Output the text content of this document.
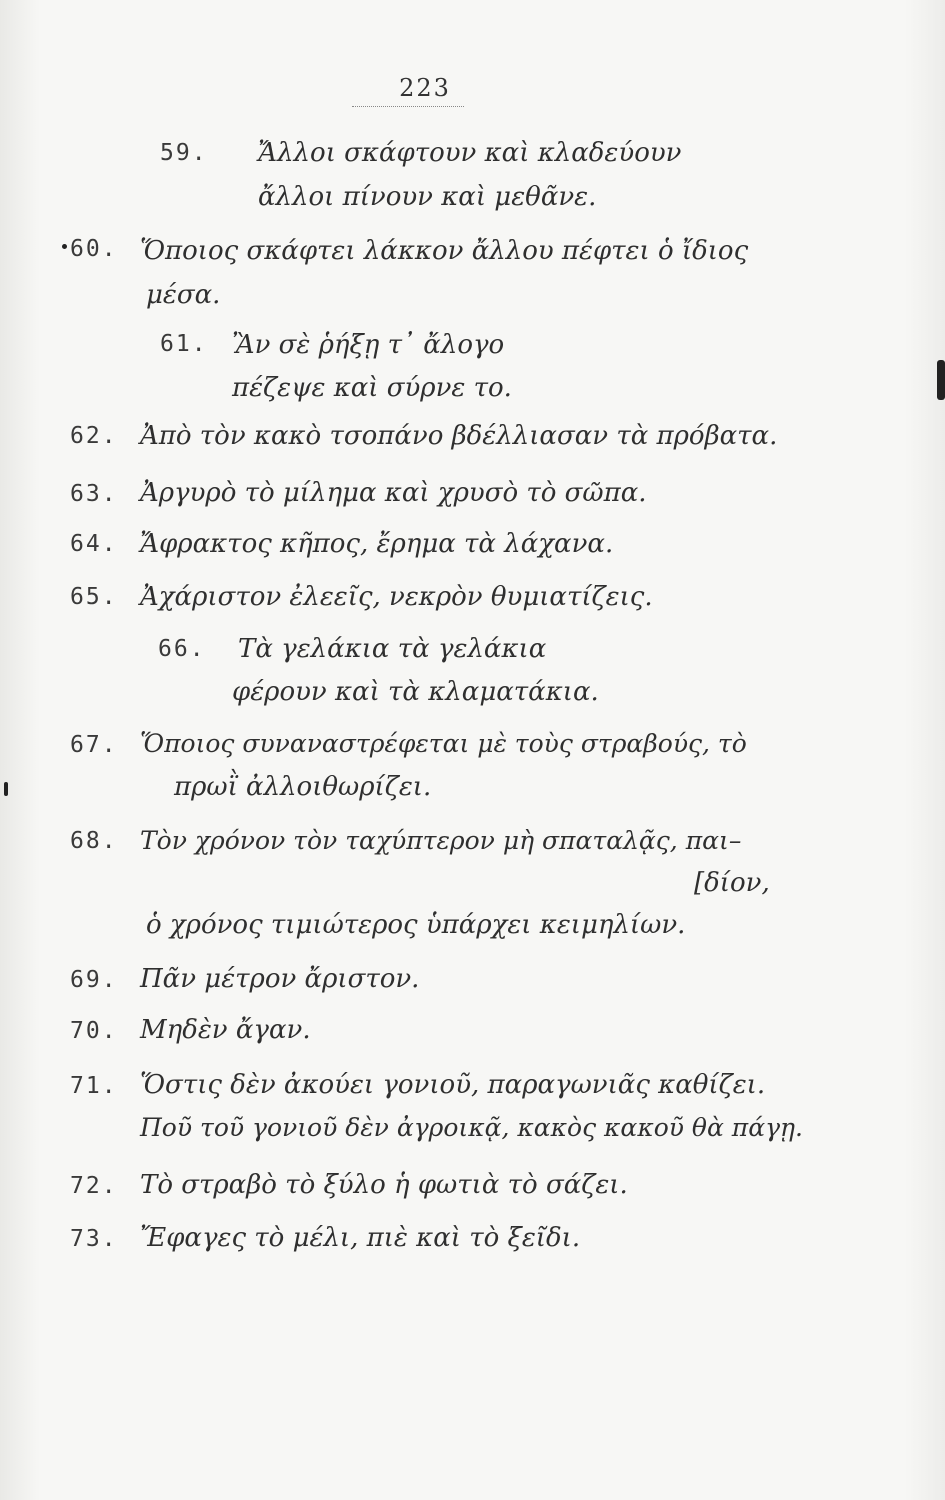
223
59. Ἄλλοι σκάφτουν καὶ κλαδεύουν
ἄλλοι πίνουν καὶ μεθᾶνε.
60. Ὅποιος σκάφτει λάκκον ἄλλου πέφτει ὁ ἴδιος
μέσα.
61. Ἂν σὲ ῥήξῃ τ᾽ ἄλογο
πέζεψε καὶ σύρνε το.
62. Ἀπὸ τὸν κακὸ τσοπάνο βδέλλιασαν τὰ πρόβατα.
63. Ἀργυρὸ τὸ μίλημα καὶ χρυσὸ τὸ σῶπα.
64. Ἄφρακτος κῆπος, ἔρημα τὰ λάχανα.
65. Ἀχάριστον ἐλεεῖς, νεκρὸν θυμιατίζεις.
66. Τὰ γελάκια τὰ γελάκια
φέρουν καὶ τὰ κλαματάκια.
67. Ὅποιος συναναστρέφεται μὲ τοὺς στραβούς, τὸ
πρωῒ ἀλλοιθωρίζει.
68. Τὸν χρόνον τὸν ταχύπτερον μὴ σπαταλᾷς, παι–
[δίον,
ὁ χρόνος τιμιώτερος ὑπάρχει κειμηλίων.
69. Πᾶν μέτρον ἄριστον.
70. Μηδὲν ἄγαν.
71. Ὅστις δὲν ἀκούει γονιοῦ, παραγωνιᾶς καθίζει.
Ποῦ τοῦ γονιοῦ δὲν ἀγροικᾷ, κακὸς κακοῦ θὰ πάγῃ.
72. Τὸ στραβὸ τὸ ξύλο ἡ φωτιὰ τὸ σάζει.
73. Ἔφαγες τὸ μέλι, πιὲ καὶ τὸ ξεῖδι.
